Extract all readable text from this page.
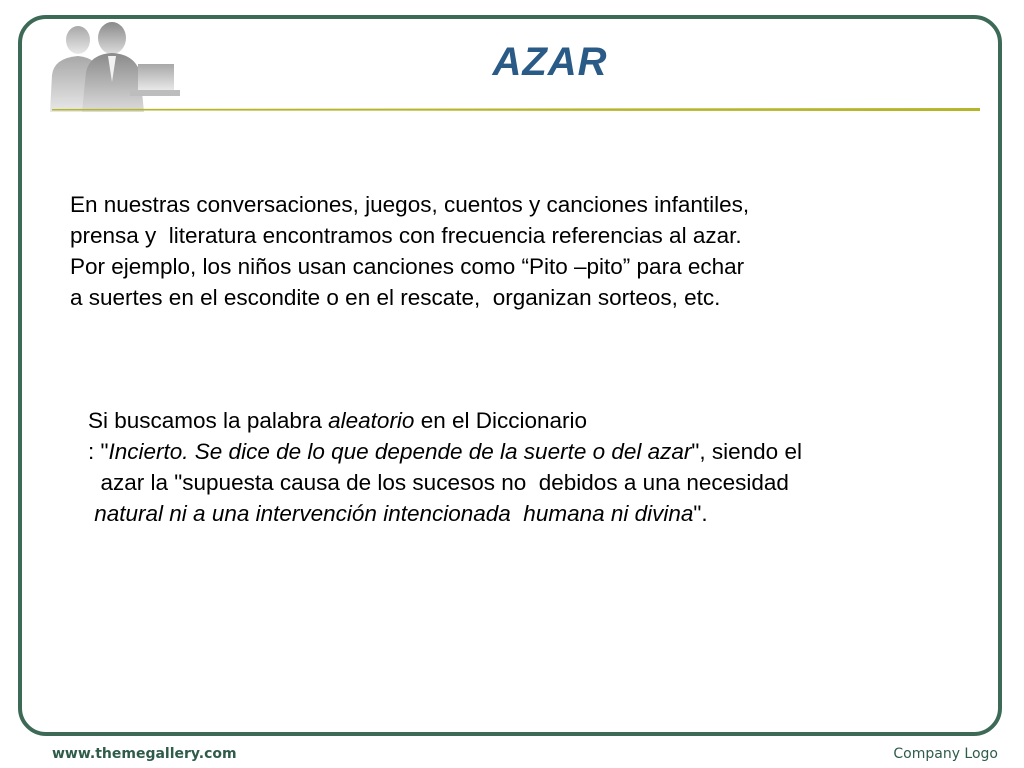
AZAR
En nuestras conversaciones, juegos, cuentos y canciones infantiles,
prensa y  literatura encontramos con frecuencia referencias al azar.
Por ejemplo, los niños usan canciones como “Pito –pito” para echar
a suertes en el escondite o en el rescate,  organizan sorteos, etc.
Si buscamos la palabra aleatorio en el Diccionario
: "Incierto. Se dice de lo que depende de la suerte o del azar", siendo el
azar la "supuesta causa de los sucesos no  debidos a una necesidad
natural ni a una intervención intencionada  humana ni divina".
www.themegallery.com	Company Logo
